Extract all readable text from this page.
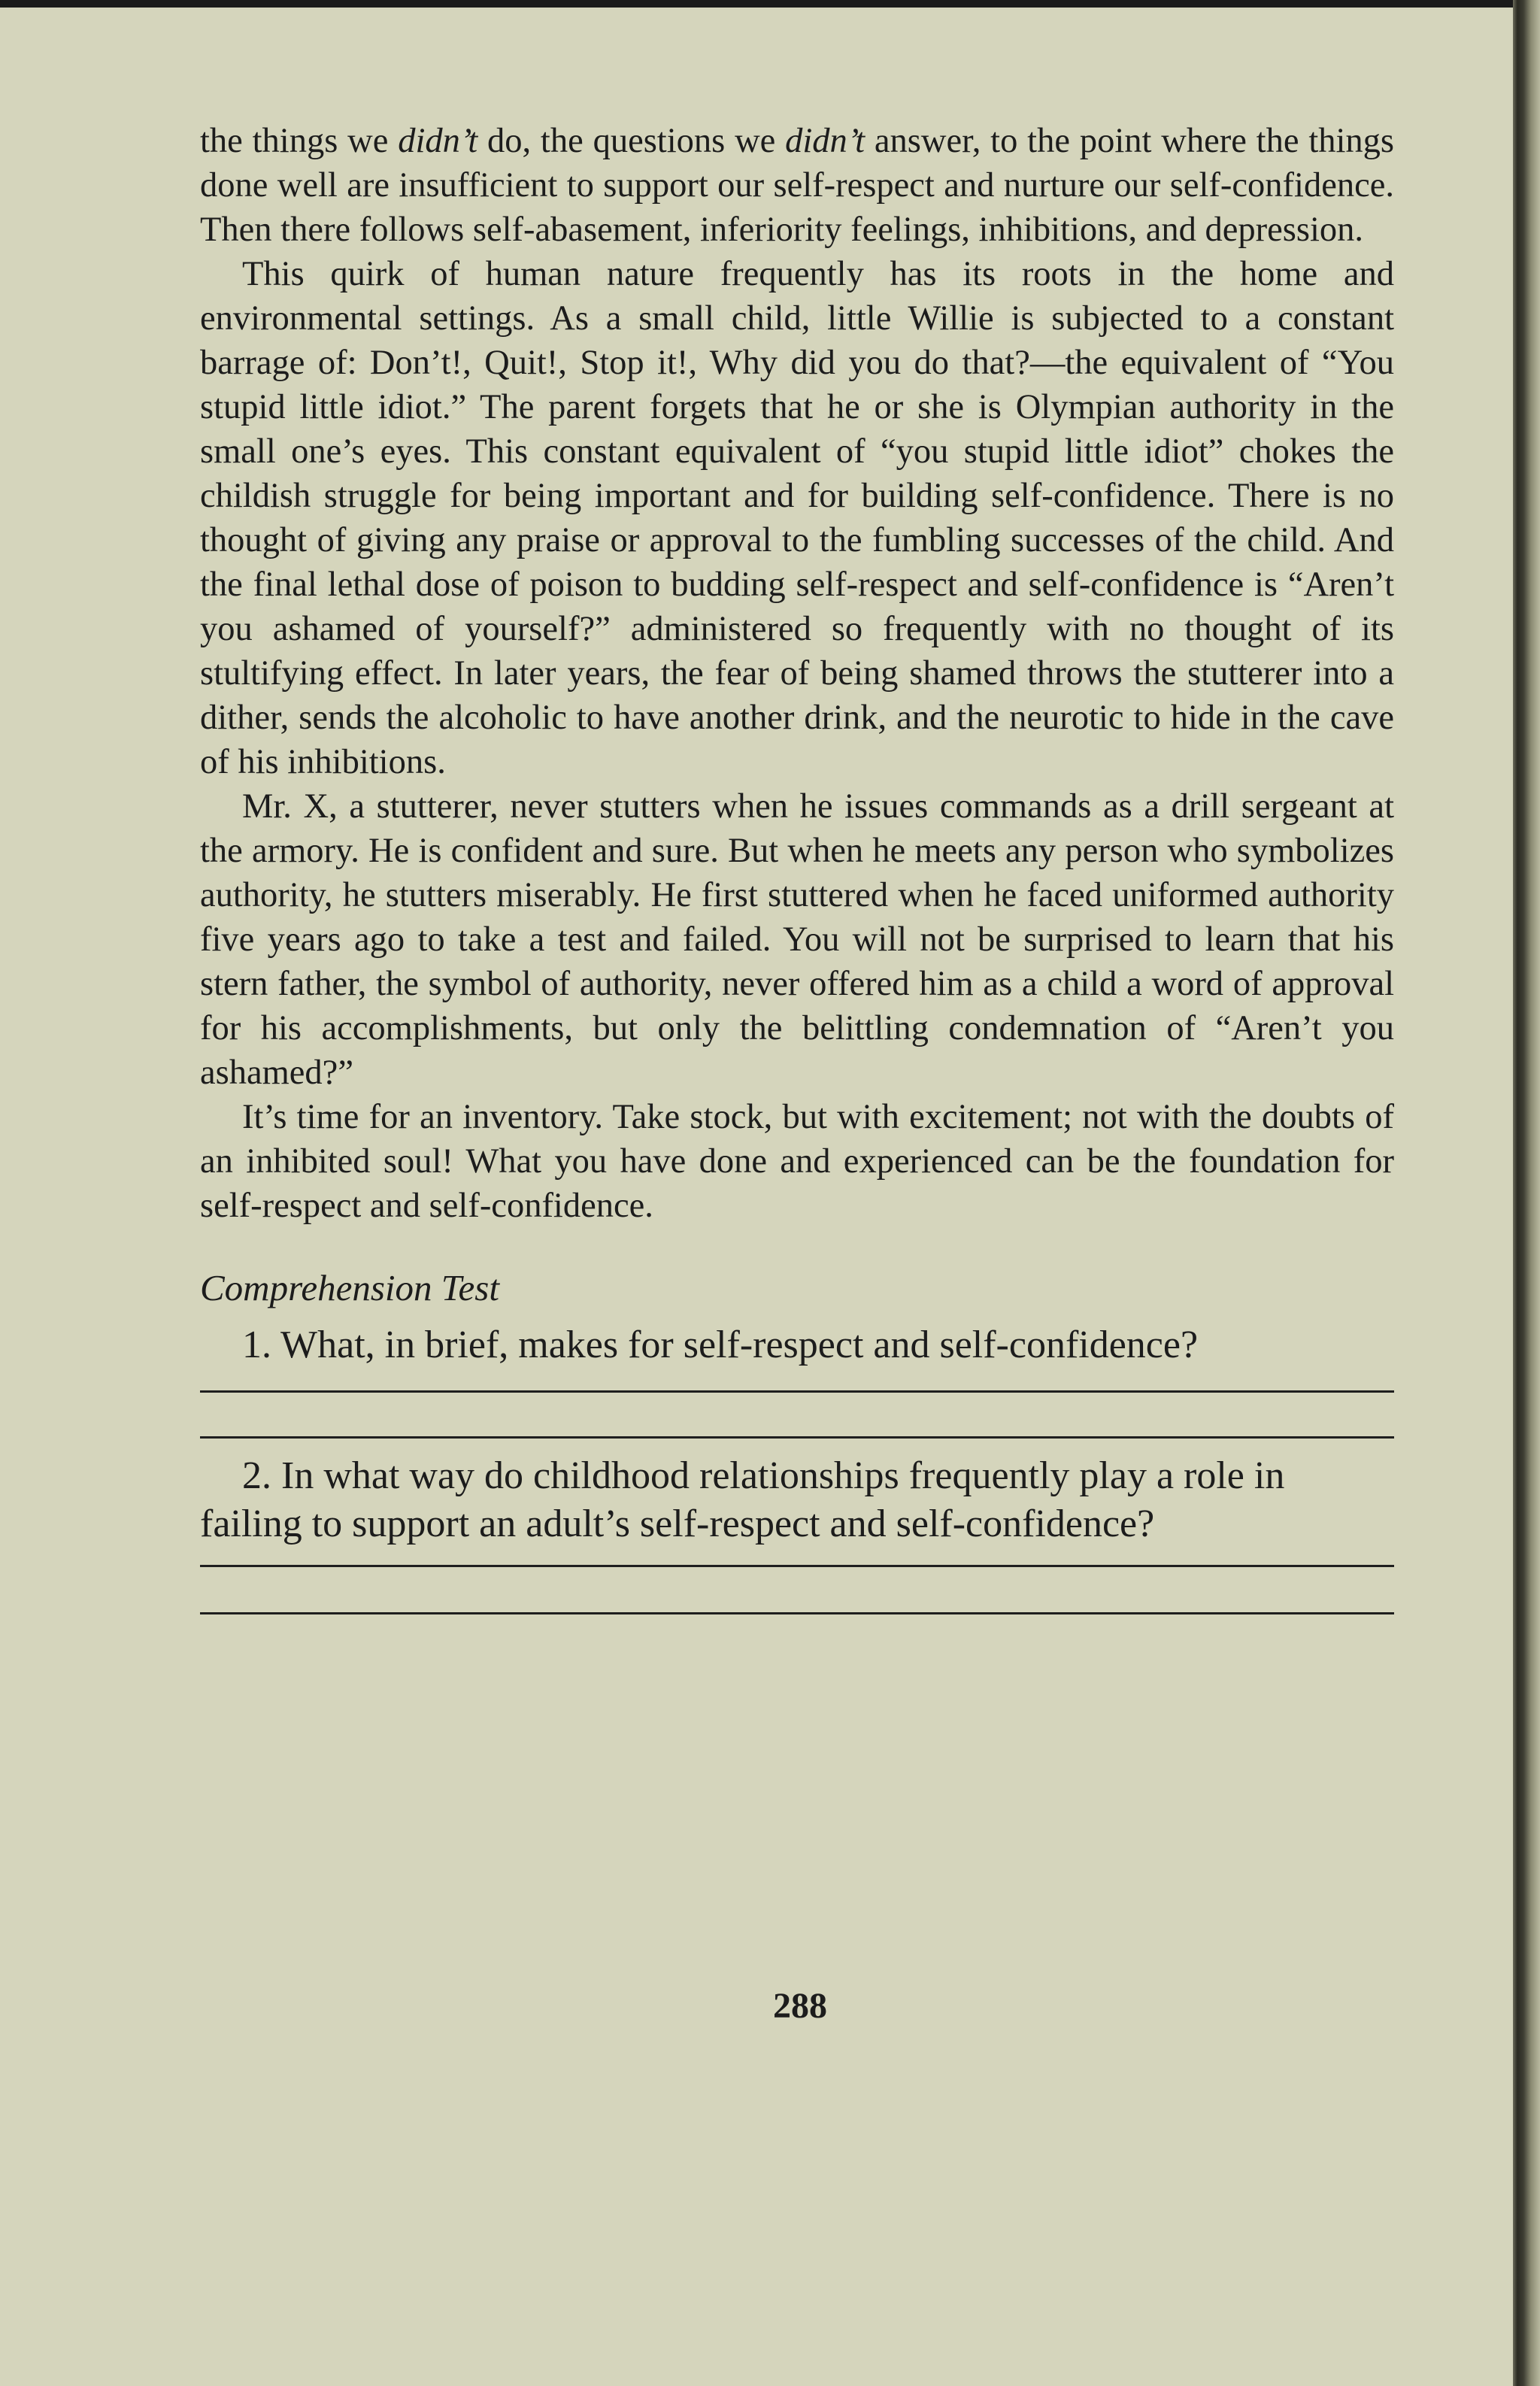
the things we didn’t do, the questions we didn’t answer, to the point where the things done well are insufficient to support our self-respect and nurture our self-confidence. Then there follows self-abasement, inferiority feelings, inhibitions, and depression.

This quirk of human nature frequently has its roots in the home and environmental settings. As a small child, little Willie is subjected to a constant barrage of: Don’t!, Quit!, Stop it!, Why did you do that?—the equivalent of “You stupid little idiot.” The parent forgets that he or she is Olympian authority in the small one’s eyes. This constant equivalent of “you stupid little idiot” chokes the childish struggle for being important and for building self-confidence. There is no thought of giving any praise or approval to the fumbling successes of the child. And the final lethal dose of poison to budding self-respect and self-confidence is “Aren’t you ashamed of yourself?” administered so frequently with no thought of its stultifying effect. In later years, the fear of being shamed throws the stutterer into a dither, sends the alcoholic to have another drink, and the neurotic to hide in the cave of his inhibitions.

Mr. X, a stutterer, never stutters when he issues commands as a drill sergeant at the armory. He is confident and sure. But when he meets any person who symbolizes authority, he stutters miserably. He first stuttered when he faced uniformed authority five years ago to take a test and failed. You will not be surprised to learn that his stern father, the symbol of authority, never offered him as a child a word of approval for his accomplishments, but only the belittling condemnation of “Aren’t you ashamed?”

It’s time for an inventory. Take stock, but with excitement; not with the doubts of an inhibited soul! What you have done and experienced can be the foundation for self-respect and self-confidence.

Comprehension Test

1. What, in brief, makes for self-respect and self-confidence?

2. In what way do childhood relationships frequently play a role in failing to support an adult’s self-respect and self-confidence?

288
